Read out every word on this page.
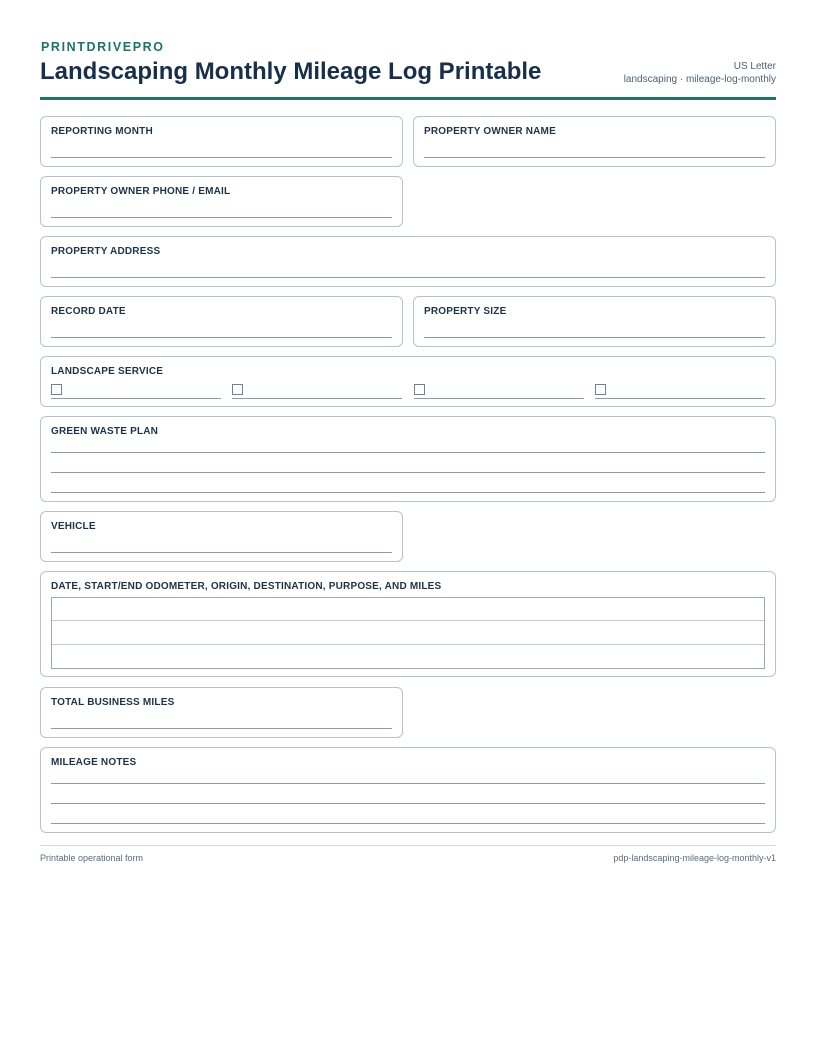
PRINTDRIVEPRO
Landscaping Monthly Mileage Log Printable	US Letter
landscaping · mileage-log-monthly
REPORTING MONTH	PROPERTY OWNER NAME
PROPERTY OWNER PHONE / EMAIL
PROPERTY ADDRESS
RECORD DATE	PROPERTY SIZE
LANDSCAPE SERVICE
GREEN WASTE PLAN
VEHICLE
DATE, START/END ODOMETER, ORIGIN, DESTINATION, PURPOSE, AND MILES
TOTAL BUSINESS MILES
MILEAGE NOTES
Printable operational form	pdp-landscaping-mileage-log-monthly-v1
